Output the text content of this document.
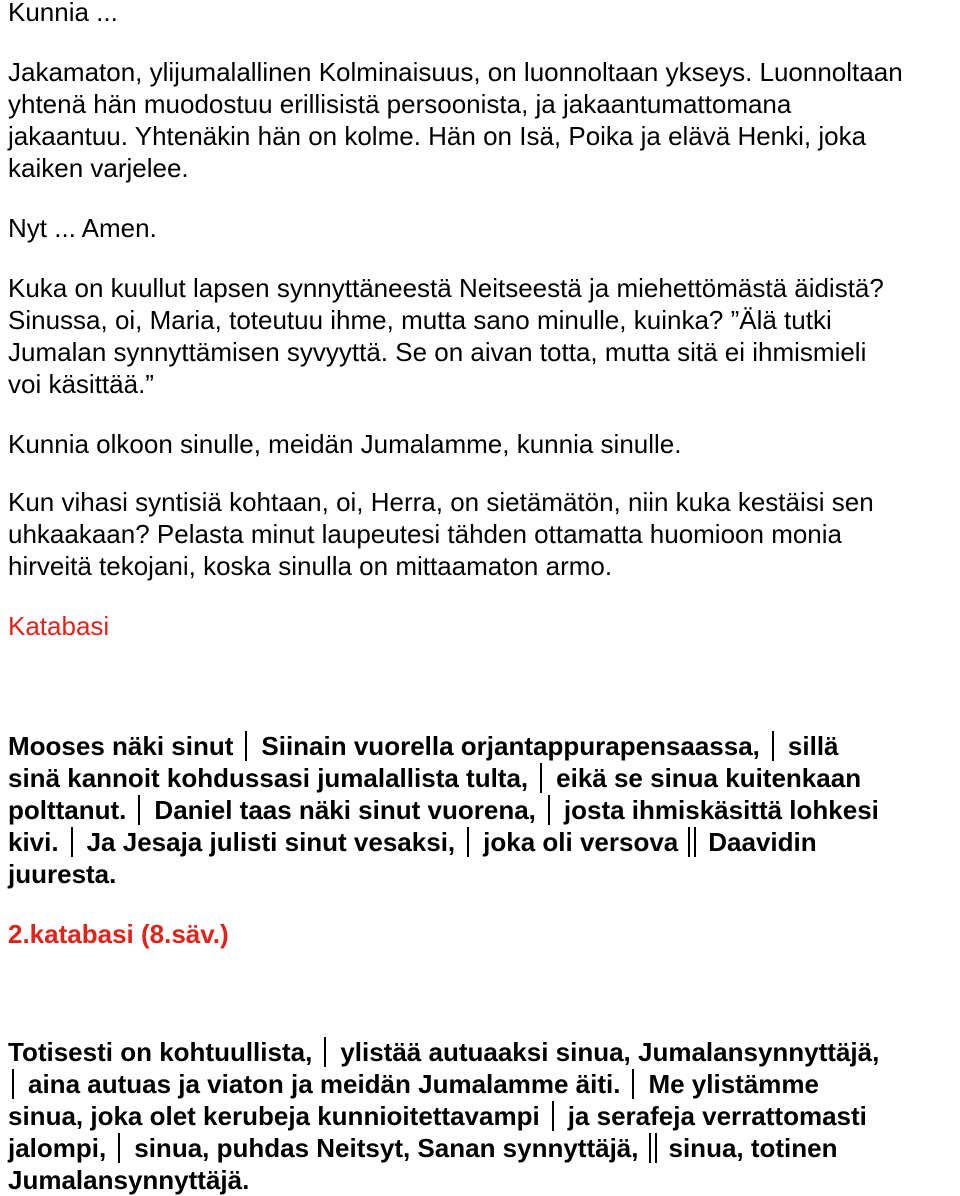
Kunnia ...

Jakamaton, ylijumalallinen Kolminaisuus, on luonnoltaan ykseys. Luonnoltaan
yhtenä hän muodostuu erillisistä persoonista, ja jakaantumattomana
jakaantuu. Yhtenäkin hän on kolme. Hän on Isä, Poika ja elävä Henki, joka
kaiken varjelee.

Nyt ... Amen.

Kuka on kuullut lapsen synnyttäneestä Neitseestä ja miehettömästä äidistä?
Sinussa, oi, Maria, toteutuu ihme, mutta sano minulle, kuinka? ”Älä tutki
Jumalan synnyttämisen syvyyttä. Se on aivan totta, mutta sitä ei ihmismieli
voi käsittää.”

Kunnia olkoon sinulle, meidän Jumalamme, kunnia sinulle.

Kun vihasi syntisiä kohtaan, oi, Herra, on sietämätön, niin kuka kestäisi sen
uhkaakaan? Pelasta minut laupeutesi tähden ottamatta huomioon monia
hirveitä tekojani, koska sinulla on mittaamaton armo.

Katabasi

Mooses näki sinut Siinain vuorella orjantappurapensaassa, sillä
sinä kannoit kohdussasi jumalallista tulta, eikä se sinua kuitenkaan
polttanut. Daniel taas näki sinut vuorena, josta ihmiskäsittä lohkesi
kivi. Ja Jesaja julisti sinut vesaksi, joka oli versova Daavidin
juuresta.

2.katabasi (8.säv.)

Totisesti on kohtuullista, ylistää autuaaksi sinua, Jumalansynnyttäjä,
aina autuas ja viaton ja meidän Jumalamme äiti. Me ylistämme
sinua, joka olet kerubeja kunnioitettavampi ja serafeja verrattomasti
jalompi, sinua, puhdas Neitsyt, Sanan synnyttäjä, sinua, totinen
Jumalansynnyttäjä.
